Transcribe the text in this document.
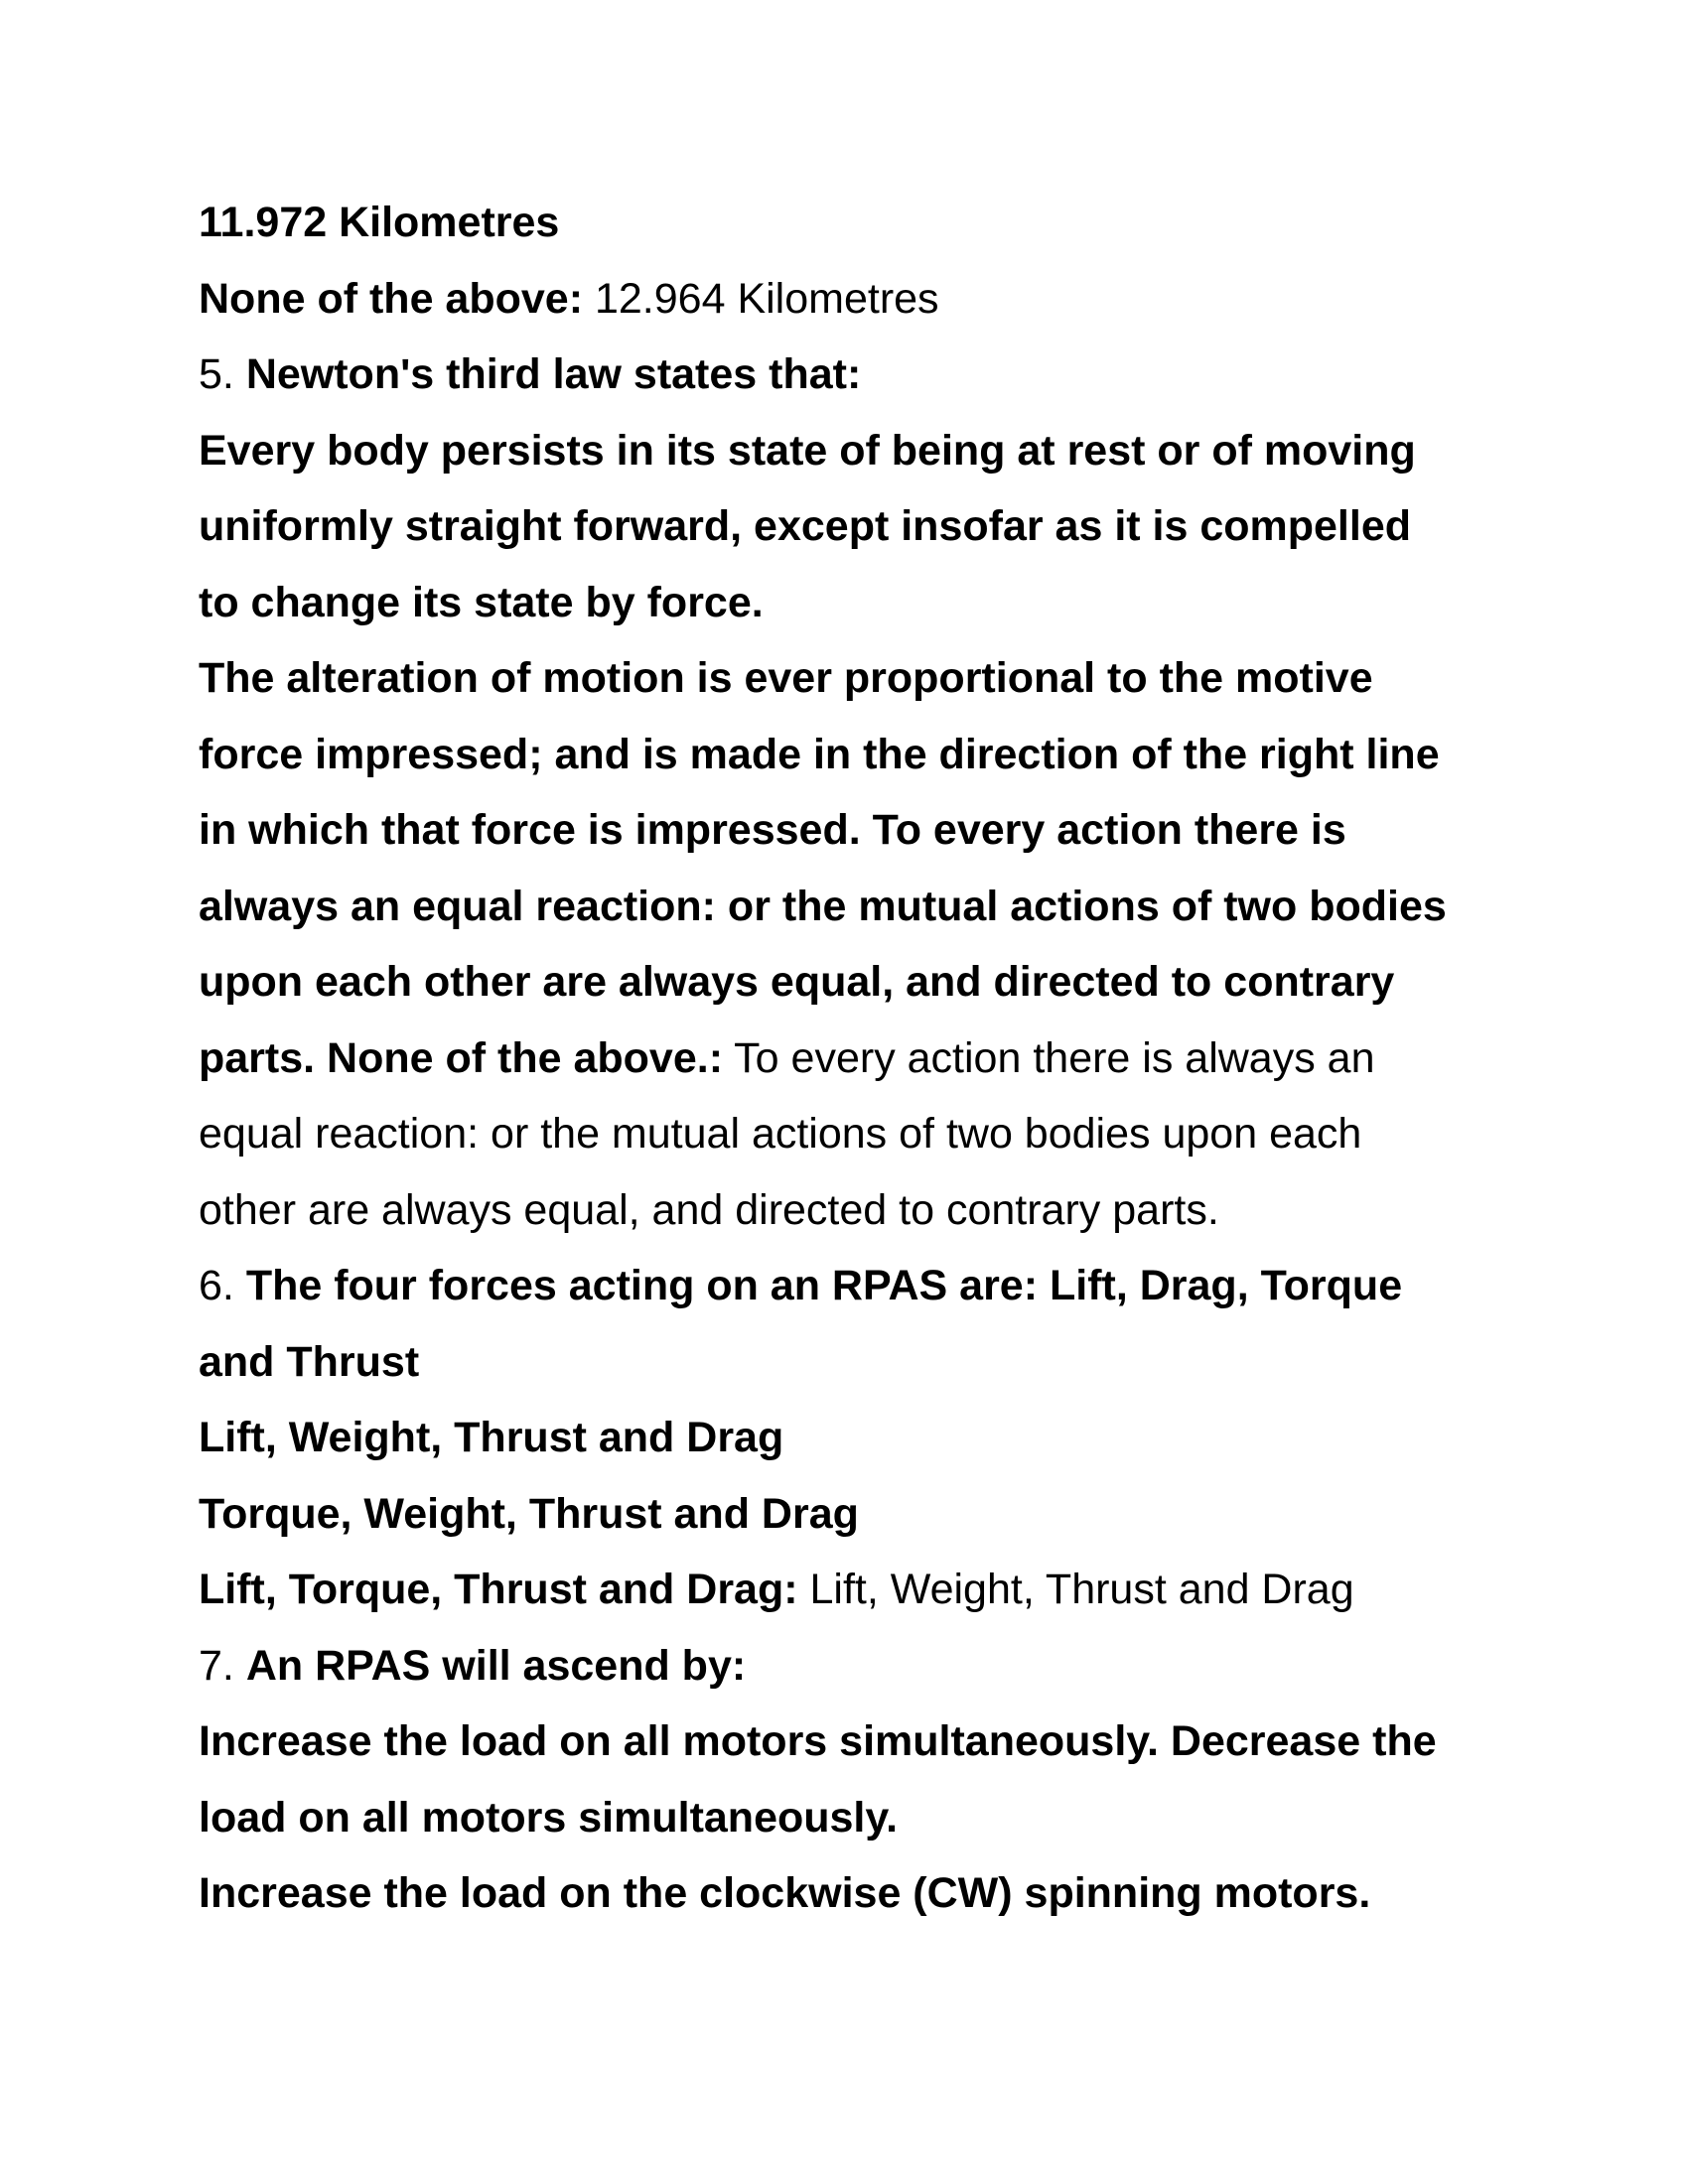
11.972 Kilometres

None of the above: 12.964 Kilometres

5. Newton's third law states that:

Every body persists in its state of being at rest or of moving

uniformly straight forward, except insofar as it is compelled

to change its state by force.

The alteration of motion is ever proportional to the motive

force impressed; and is made in the direction of the right line

in which that force is impressed. To every action there is

always an equal reaction: or the mutual actions of two bodies

upon each other are always equal, and directed to contrary

parts. None of the above.: To every action there is always an

equal reaction: or the mutual actions of two bodies upon each

other are always equal, and directed to contrary parts.

6. The four forces acting on an RPAS are: Lift, Drag, Torque

and Thrust

Lift, Weight, Thrust and Drag

Torque, Weight, Thrust and Drag

Lift, Torque, Thrust and Drag: Lift, Weight, Thrust and Drag

7. An RPAS will ascend by:

Increase the load on all motors simultaneously. Decrease the

load on all motors simultaneously.

Increase the load on the clockwise (CW) spinning motors.
